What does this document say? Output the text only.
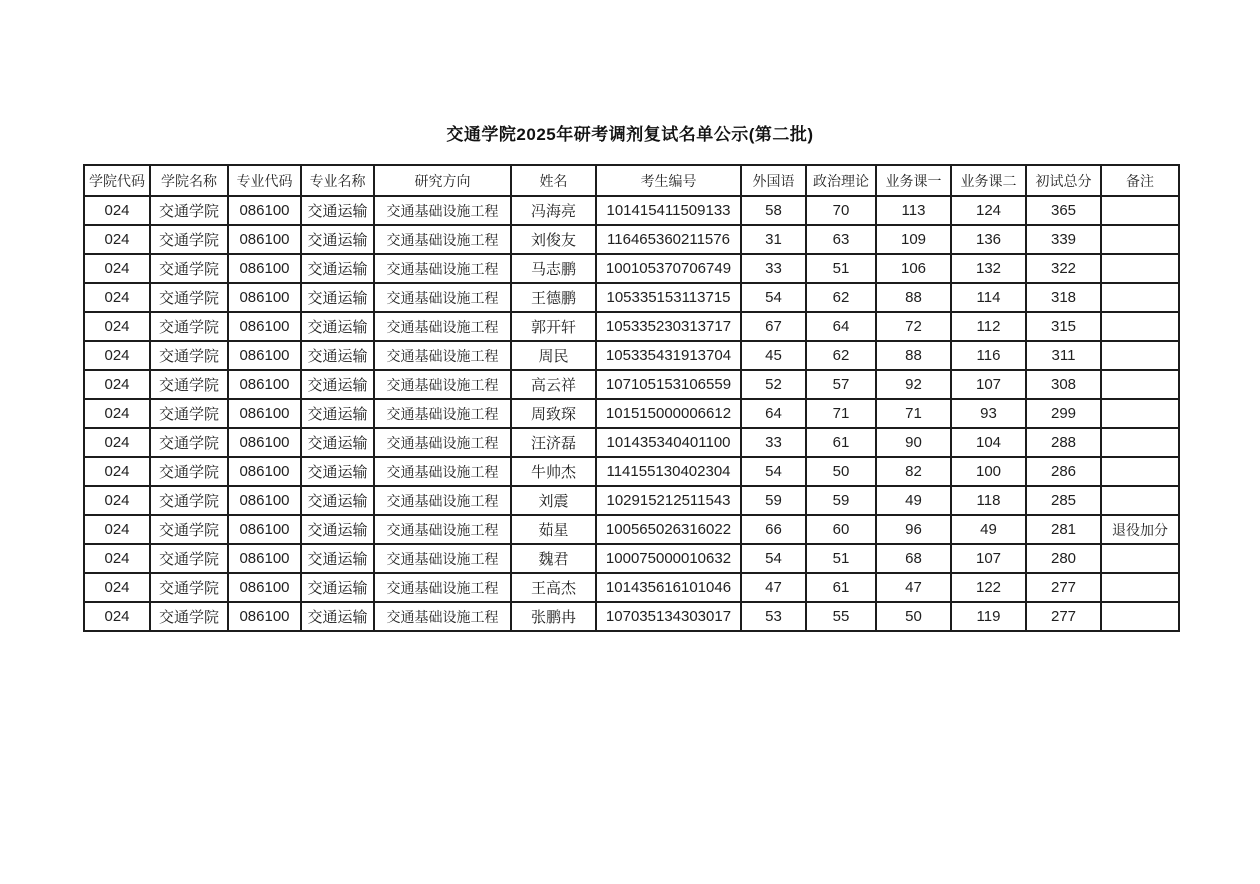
交通学院2025年研考调剂复试名单公示(第二批)
学院代码	学院名称	专业代码	专业名称	研究方向	姓名	考生编号	外国语	政治理论	业务课一	业务课二	初试总分	备注
024	交通学院	086100	交通运输	交通基础设施工程	冯海亮	101415411509133	58	70	113	124	365	
024	交通学院	086100	交通运输	交通基础设施工程	刘俊友	116465360211576	31	63	109	136	339	
024	交通学院	086100	交通运输	交通基础设施工程	马志鹏	100105370706749	33	51	106	132	322	
024	交通学院	086100	交通运输	交通基础设施工程	王德鹏	105335153113715	54	62	88	114	318	
024	交通学院	086100	交通运输	交通基础设施工程	郭开轩	105335230313717	67	64	72	112	315	
024	交通学院	086100	交通运输	交通基础设施工程	周民	105335431913704	45	62	88	116	311	
024	交通学院	086100	交通运输	交通基础设施工程	高云祥	107105153106559	52	57	92	107	308	
024	交通学院	086100	交通运输	交通基础设施工程	周致琛	101515000006612	64	71	71	93	299	
024	交通学院	086100	交通运输	交通基础设施工程	汪济磊	101435340401100	33	61	90	104	288	
024	交通学院	086100	交通运输	交通基础设施工程	牛帅杰	114155130402304	54	50	82	100	286	
024	交通学院	086100	交通运输	交通基础设施工程	刘震	102915212511543	59	59	49	118	285	
024	交通学院	086100	交通运输	交通基础设施工程	茹星	100565026316022	66	60	96	49	281	退役加分
024	交通学院	086100	交通运输	交通基础设施工程	魏君	100075000010632	54	51	68	107	280	
024	交通学院	086100	交通运输	交通基础设施工程	王高杰	101435616101046	47	61	47	122	277	
024	交通学院	086100	交通运输	交通基础设施工程	张鹏冉	107035134303017	53	55	50	119	277	
